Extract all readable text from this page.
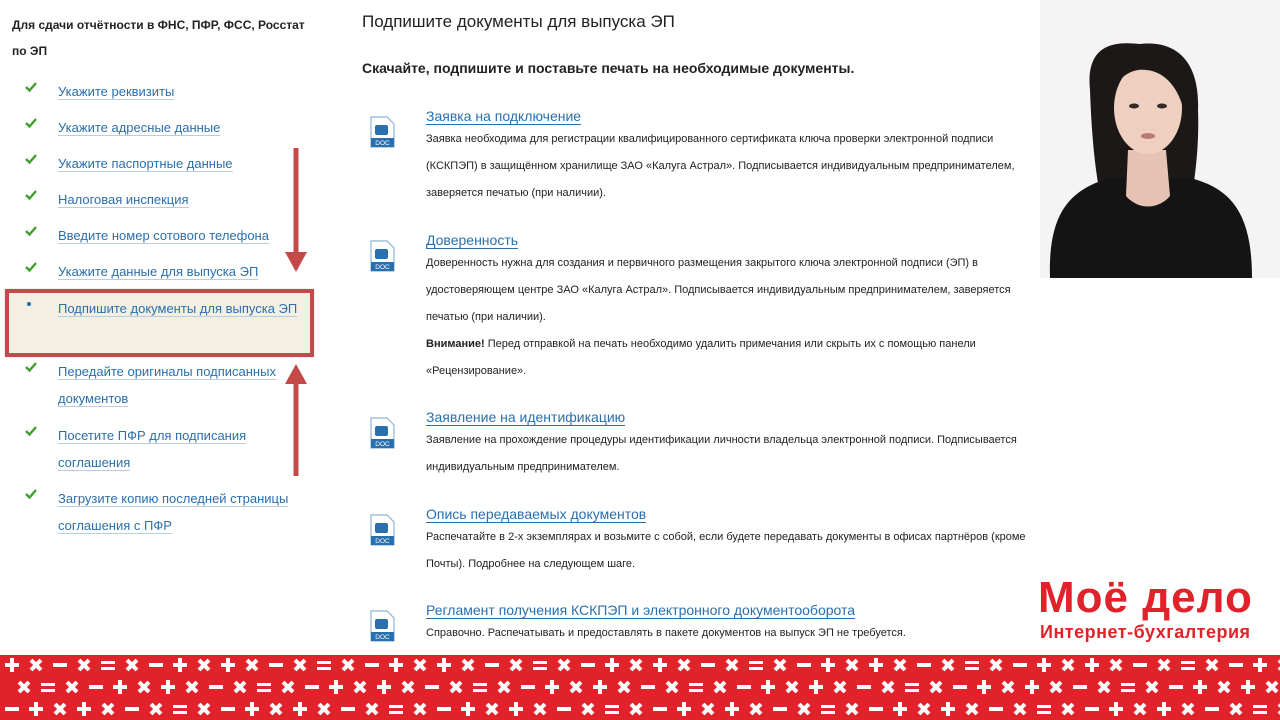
Для сдачи отчётности в ФНС, ПФР, ФСС, Росстат по ЭП
Укажите реквизиты
Укажите адресные данные
Укажите паспортные данные
Налоговая инспекция
Введите номер сотового телефона
Укажите данные для выпуска ЭП
Подпишите документы для выпуска ЭП
Передайте оригиналы подписанных документов
Посетите ПФР для подписания соглашения
Загрузите копию последней страницы соглашения с ПФР
Подпишите документы для выпуска ЭП
Скачайте, подпишите и поставьте печать на необходимые документы.
DOC
Заявка на подключение
Заявка необходима для регистрации квалифицированного сертификата ключа проверки электронной подписи (КСКПЭП) в защищённом хранилище ЗАО «Калуга Астрал». Подписывается индивидуальным предпринимателем, заверяется печатью (при наличии).
DOC
Доверенность
Доверенность нужна для создания и первичного размещения закрытого ключа электронной подписи (ЭП) в удостоверяющем центре ЗАО «Калуга Астрал». Подписывается индивидуальным предпринимателем, заверяется печатью (при наличии).
Внимание! Перед отправкой на печать необходимо удалить примечания или скрыть их с помощью панели «Рецензирование».
DOC
Заявление на идентификацию
Заявление на прохождение процедуры идентификации личности владельца электронной подписи. Подписывается индивидуальным предпринимателем.
DOC
Опись передаваемых документов
Распечатайте в 2-х экземплярах и возьмите с собой, если будете передавать документы в офисах партнёров (кроме Почты). Подробнее на следующем шаге.
DOC
Регламент получения КСКПЭП и электронного документооборота
Справочно. Распечатывать и предоставлять в пакете документов на выпуск ЭП не требуется.
Моё дело
Интернет-бухгалтерия
